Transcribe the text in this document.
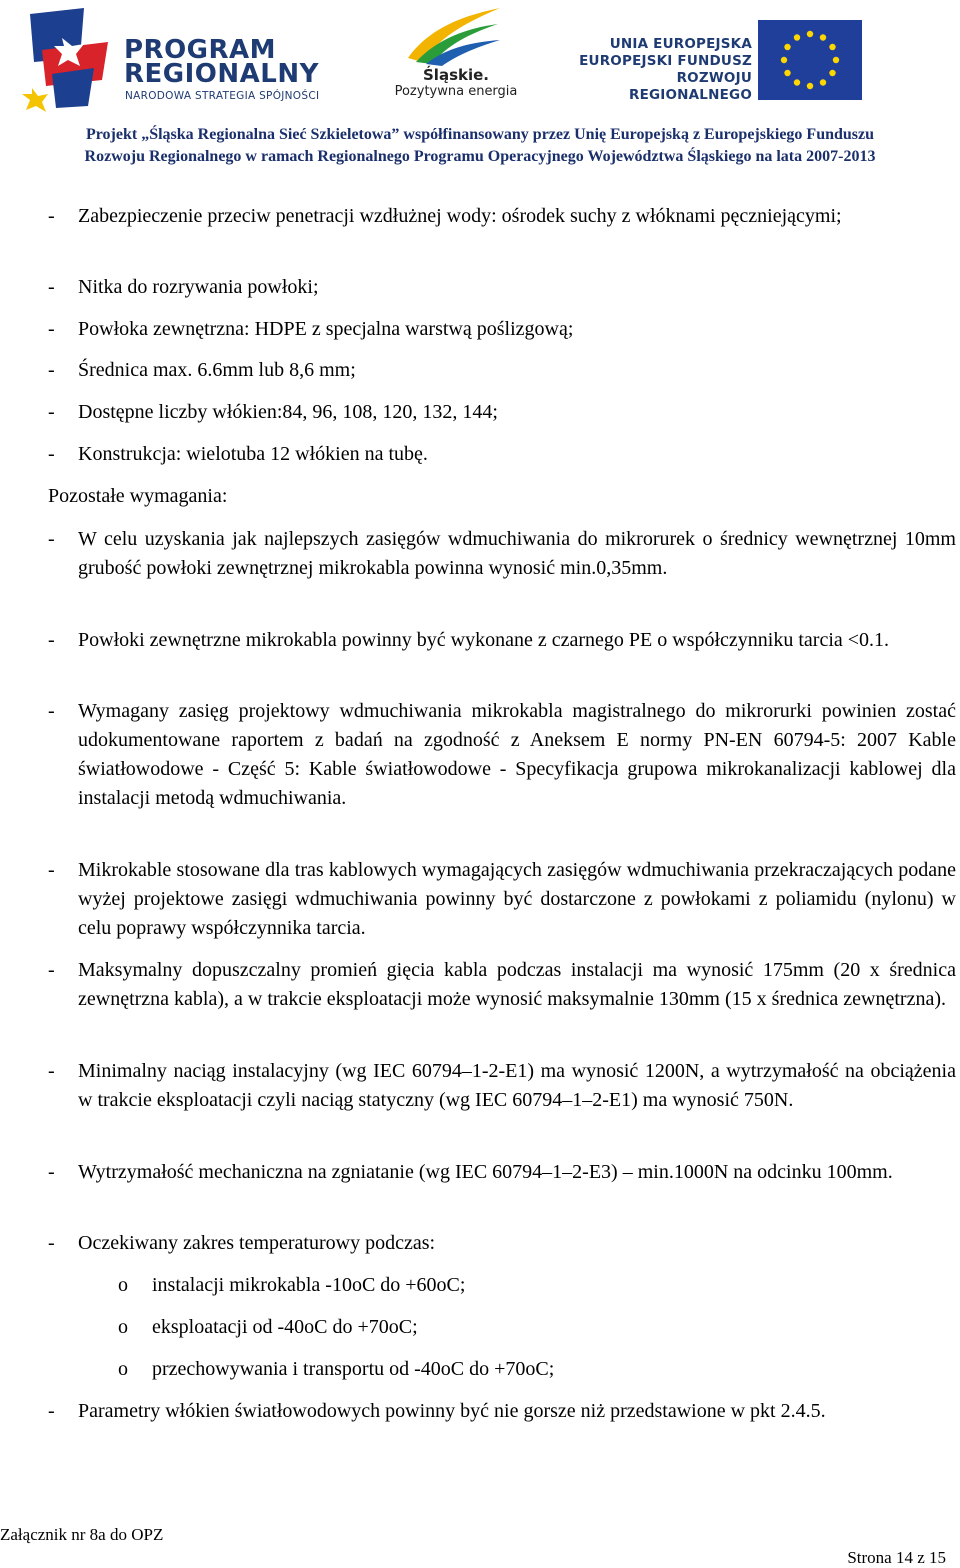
PROGRAM
REGIONALNY
NARODOWA STRATEGIA SPÓJNOŚCI
Śląskie.
Pozytywna energia
UNIA EUROPEJSKA
EUROPEJSKI FUNDUSZ
ROZWOJU REGIONALNEGO
Projekt „Śląska Regionalna Sieć Szkieletowa” współfinansowany przez Unię Europejską z Europejskiego Funduszu
Rozwoju Regionalnego w ramach Regionalnego Programu Operacyjnego Województwa Śląskiego na lata 2007-2013
- Zabezpieczenie przeciw penetracji wzdłużnej wody: ośrodek suchy z włóknami pęczniejącymi;
- Nitka do rozrywania powłoki;
- Powłoka zewnętrzna: HDPE z specjalna warstwą poślizgową;
- Średnica max. 6.6mm lub 8,6 mm;
- Dostępne liczby włókien:84, 96, 108, 120, 132, 144;
- Konstrukcja: wielotuba 12 włókien na tubę.
Pozostałe wymagania:
- W celu uzyskania jak najlepszych zasięgów wdmuchiwania do mikrorurek o średnicy wewnętrznej 10mm grubość powłoki zewnętrznej mikrokabla powinna wynosić min.0,35mm.
- Powłoki zewnętrzne mikrokabla powinny być wykonane z czarnego PE o współczynniku tarcia <0.1.
- Wymagany zasięg projektowy wdmuchiwania mikrokabla magistralnego do mikrorurki powinien zostać udokumentowane raportem z badań na zgodność z Aneksem E normy PN-EN 60794-5: 2007 Kable światłowodowe - Część 5: Kable światłowodowe - Specyfikacja grupowa mikrokanalizacji kablowej dla instalacji metodą wdmuchiwania.
- Mikrokable stosowane dla tras kablowych wymagających zasięgów wdmuchiwania przekraczających podane wyżej projektowe zasięgi wdmuchiwania powinny być dostarczone z powłokami z poliamidu (nylonu) w celu poprawy współczynnika tarcia.
- Maksymalny dopuszczalny promień gięcia kabla podczas instalacji ma wynosić 175mm (20 x średnica zewnętrzna kabla), a w trakcie eksploatacji może wynosić maksymalnie 130mm (15 x średnica zewnętrzna).
- Minimalny naciąg instalacyjny (wg IEC 60794–1-2-E1) ma wynosić 1200N, a wytrzymałość na obciążenia w trakcie eksploatacji czyli naciąg statyczny (wg IEC 60794–1–2-E1) ma wynosić 750N.
- Wytrzymałość mechaniczna na zgniatanie (wg IEC 60794–1–2-E3) – min.1000N na odcinku 100mm.
- Oczekiwany zakres temperaturowy podczas:
o instalacji mikrokabla -10oC do +60oC;
o eksploatacji od -40oC do +70oC;
o przechowywania i transportu od -40oC do +70oC;
- Parametry włókien światłowodowych powinny być nie gorsze niż przedstawione w pkt 2.4.5.
Załącznik nr 8a do OPZ
Strona 14 z 15
